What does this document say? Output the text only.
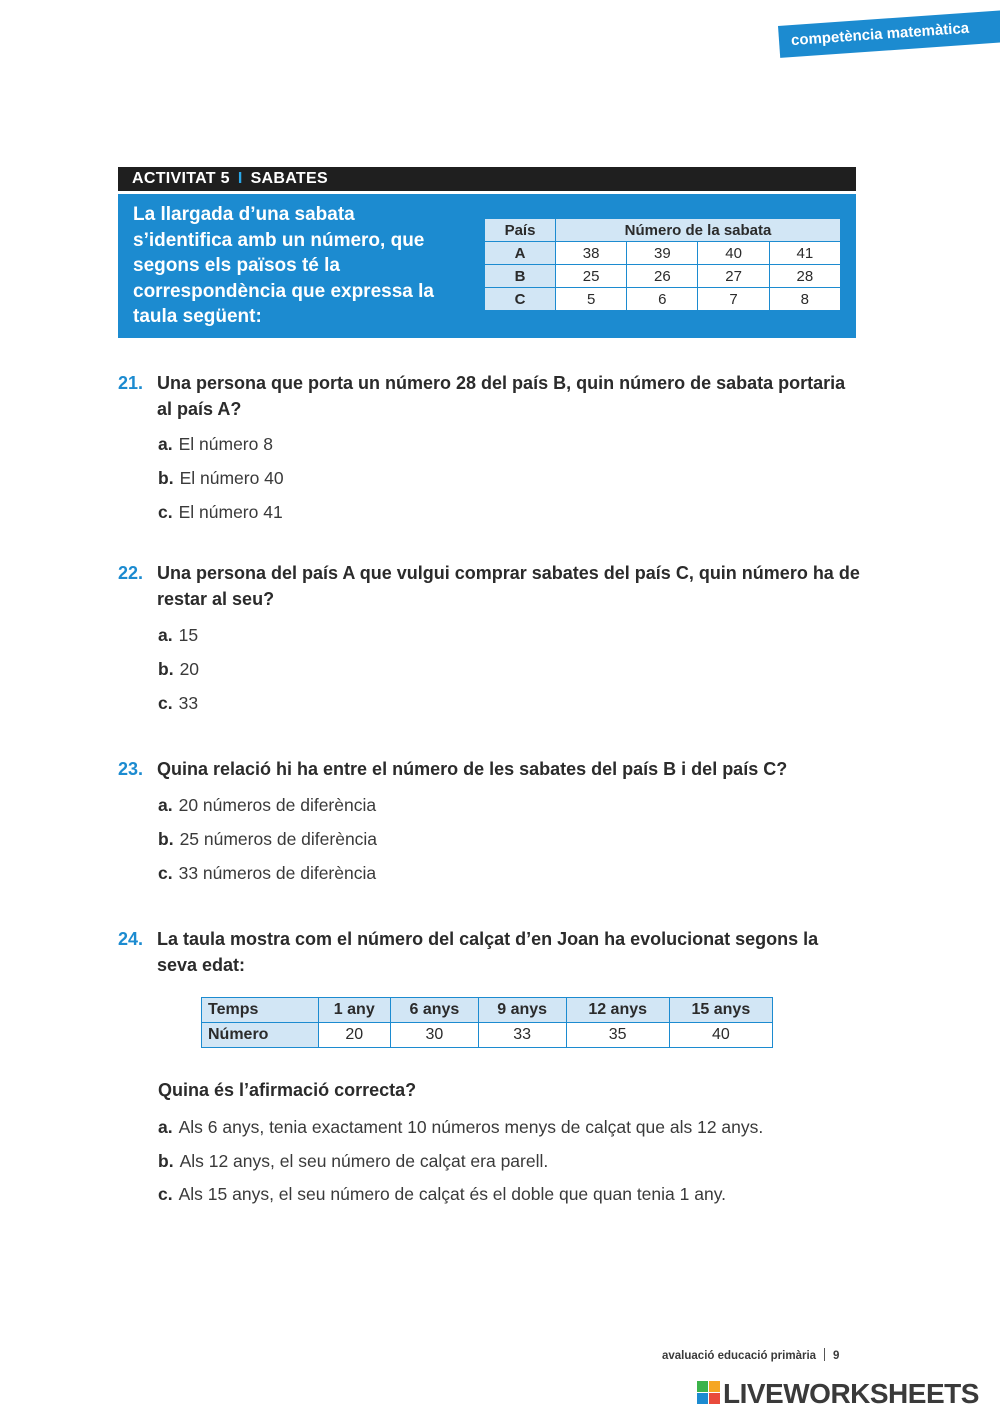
competència matemàtica
ACTIVITAT 5 I SABATES
La llargada d’una sabata s’identifica amb un número, que segons els països té la correspondència que expressa la taula següent:
País	Número de la sabata			
A	38	39	40	41
B	25	26	27	28
C	5	6	7	8
21. Una persona que porta un número 28 del país B, quin número de sabata portaria al país A?
a. El número 8
b. El número 40
c. El número 41
22. Una persona del país A que vulgui comprar sabates del país C, quin número ha de restar al seu?
a. 15
b. 20
c. 33
23. Quina relació hi ha entre el número de les sabates del país B i del país C?
a. 20 números de diferència
b. 25 números de diferència
c. 33 números de diferència
24. La taula mostra com el número del calçat d’en Joan ha evolucionat segons la seva edat:
Temps	1 any	6 anys	9 anys	12 anys	15 anys
Número	20	30	33	35	40
Quina és l’afirmació correcta?
a. Als 6 anys, tenia exactament 10 números menys de calçat que als 12 anys.
b. Als 12 anys, el seu número de calçat era parell.
c. Als 15 anys, el seu número de calçat és el doble que quan tenia 1 any.
avaluació educació primària 9
LIVEWORKSHEETS
